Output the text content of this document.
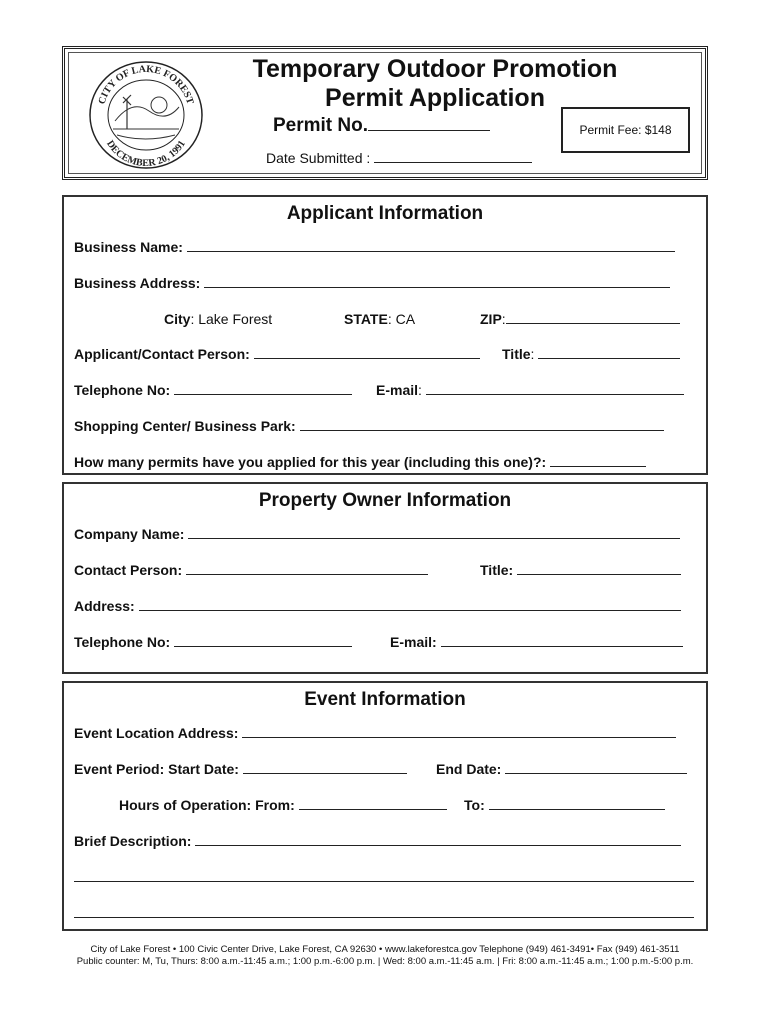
CITY OF LAKE FOREST
DECEMBER 20, 1991
Temporary Outdoor Promotion
Permit Application
Permit No.
Date Submitted :
Permit Fee: $148
Applicant Information
Business Name:
Business Address:
City: Lake Forest	STATE: CA	ZIP:
Applicant/Contact Person:	Title:
Telephone No:	E-mail:
Shopping Center/ Business Park:
How many permits have you applied for this year (including this one)?:
Property Owner Information
Company Name:
Contact Person:	Title:
Address:
Telephone No:	E-mail:
Event Information
Event Location Address:
Event Period: Start Date:	End Date:
Hours of Operation: From:	To:
Brief Description:
City of Lake Forest • 100 Civic Center Drive, Lake Forest, CA 92630 • www.lakeforestca.gov Telephone (949) 461-3491• Fax (949) 461-3511
Public counter: M, Tu, Thurs: 8:00 a.m.-11:45 a.m.; 1:00 p.m.-6:00 p.m. | Wed: 8:00 a.m.-11:45 a.m. | Fri: 8:00 a.m.-11:45 a.m.; 1:00 p.m.-5:00 p.m.
